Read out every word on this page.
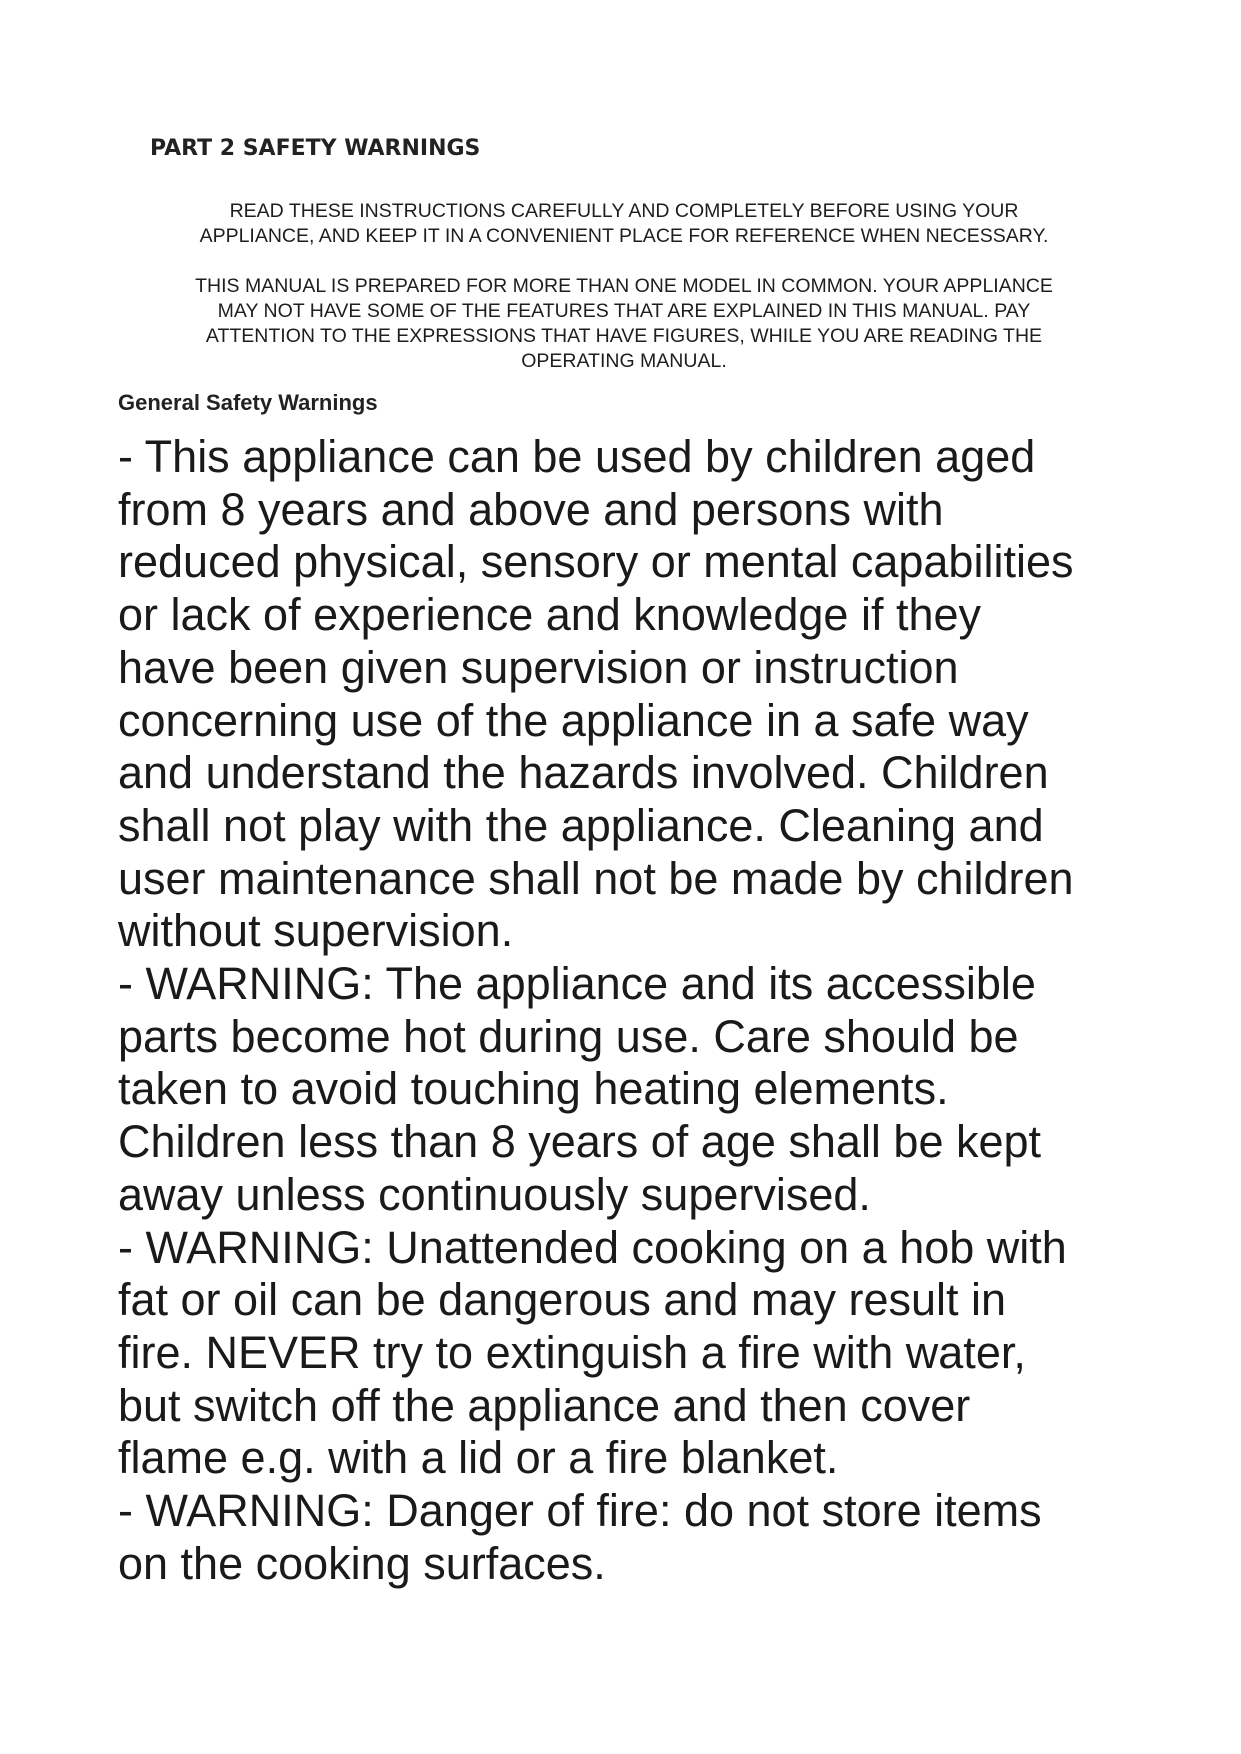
PART 2 SAFETY WARNINGS
READ THESE INSTRUCTIONS CAREFULLY AND COMPLETELY BEFORE USING YOUR
APPLIANCE, AND KEEP IT IN A CONVENIENT PLACE FOR REFERENCE WHEN NECESSARY.
THIS MANUAL IS PREPARED FOR MORE THAN ONE MODEL IN COMMON. YOUR APPLIANCE
MAY NOT HAVE SOME OF THE FEATURES THAT ARE EXPLAINED IN THIS MANUAL. PAY
ATTENTION TO THE EXPRESSIONS THAT HAVE FIGURES, WHILE YOU ARE READING THE
OPERATING MANUAL.
General Safety Warnings
- This appliance can be used by children aged
from 8 years and above and persons with
reduced physical, sensory or mental capabilities
or lack of experience and knowledge if they
have been given supervision or instruction
concerning use of the appliance in a safe way
and understand the hazards involved. Children
shall not play with the appliance. Cleaning and
user maintenance shall not be made by children
without supervision.
- WARNING: The appliance and its accessible
parts become hot during use. Care should be
taken to avoid touching heating elements.
Children less than 8 years of age shall be kept
away unless continuously supervised.
- WARNING: Unattended cooking on a hob with
fat or oil can be dangerous and may result in
fire. NEVER try to extinguish a fire with water,
but switch off the appliance and then cover
flame e.g. with a lid or a fire blanket.
- WARNING: Danger of fire: do not store items
on the cooking surfaces.
